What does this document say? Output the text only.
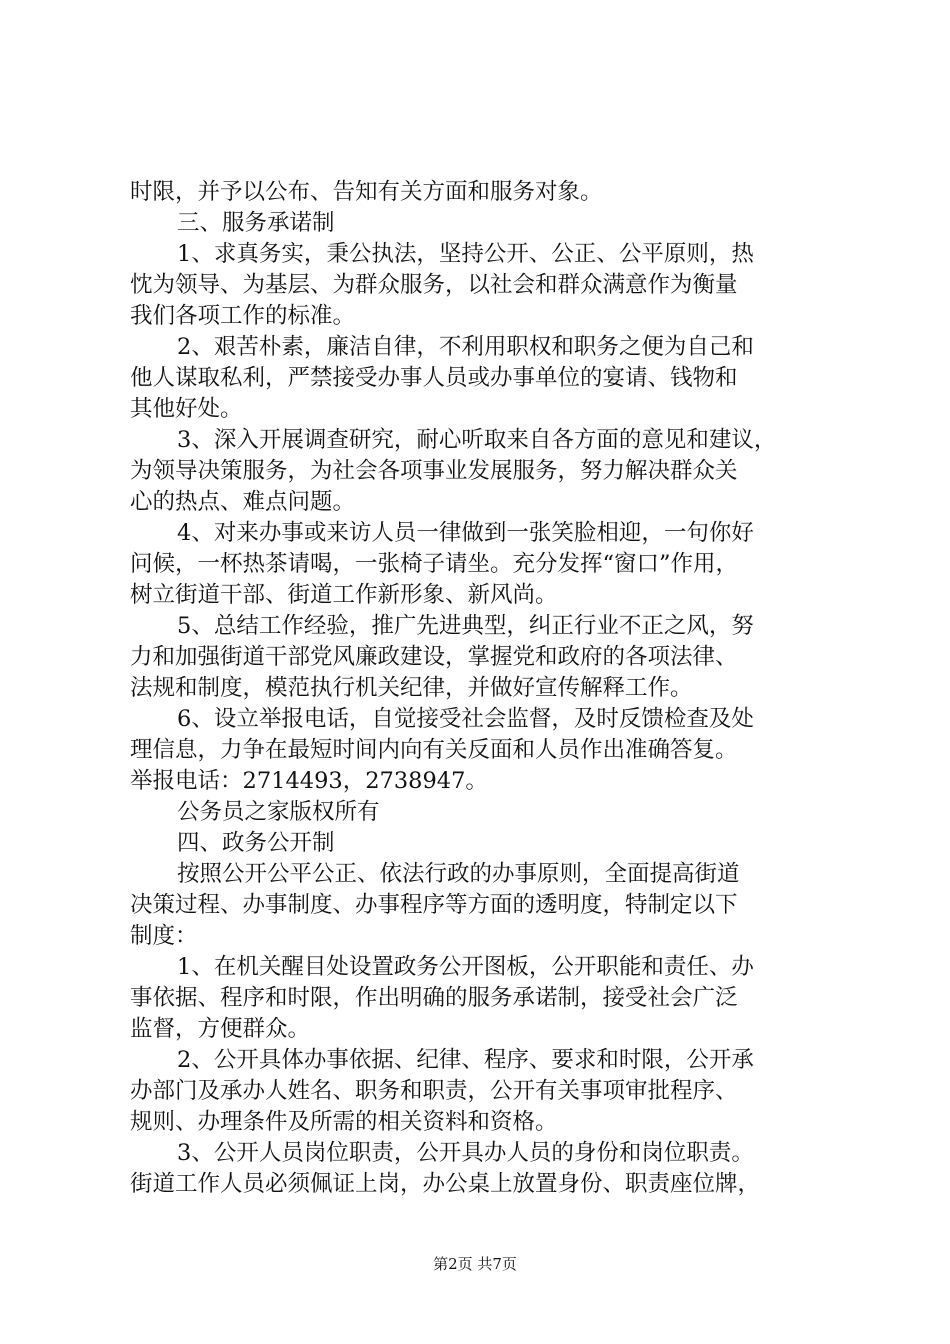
时限，并予以公布、告知有关方面和服务对象。
三、服务承诺制
1、求真务实，秉公执法，坚持公开、公正、公平原则，热
忱为领导、为基层、为群众服务，以社会和群众满意作为衡量
我们各项工作的标准。
2、艰苦朴素，廉洁自律，不利用职权和职务之便为自己和
他人谋取私利，严禁接受办事人员或办事单位的宴请、钱物和
其他好处。
3、深入开展调查研究，耐心听取来自各方面的意见和建议，
为领导决策服务，为社会各项事业发展服务，努力解决群众关
心的热点、难点问题。
4、对来办事或来访人员一律做到一张笑脸相迎，一句你好
问候，一杯热茶请喝，一张椅子请坐。充分发挥“窗口”作用，
树立街道干部、街道工作新形象、新风尚。
5、总结工作经验，推广先进典型，纠正行业不正之风，努
力和加强街道干部党风廉政建设，掌握党和政府的各项法律、
法规和制度，模范执行机关纪律，并做好宣传解释工作。
6、设立举报电话，自觉接受社会监督，及时反馈检查及处
理信息，力争在最短时间内向有关反面和人员作出准确答复。
举报电话：2714493，2738947。
公务员之家版权所有
四、政务公开制
按照公开公平公正、依法行政的办事原则，全面提高街道
决策过程、办事制度、办事程序等方面的透明度，特制定以下
制度：
1、在机关醒目处设置政务公开图板，公开职能和责任、办
事依据、程序和时限，作出明确的服务承诺制，接受社会广泛
监督，方便群众。
2、公开具体办事依据、纪律、程序、要求和时限，公开承
办部门及承办人姓名、职务和职责，公开有关事项审批程序、
规则、办理条件及所需的相关资料和资格。
3、公开人员岗位职责，公开具办人员的身份和岗位职责。
街道工作人员必须佩证上岗，办公桌上放置身份、职责座位牌，
第2页 共7页
